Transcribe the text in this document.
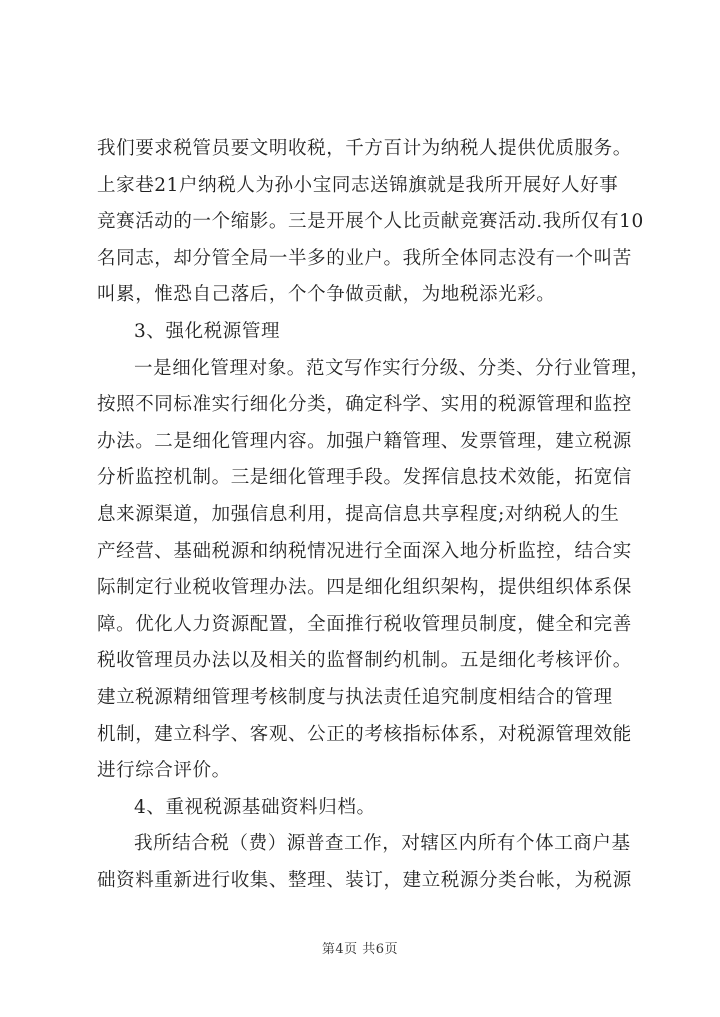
我们要求税管员要文明收税，千方百计为纳税人提供优质服务。
上家巷21户纳税人为孙小宝同志送锦旗就是我所开展好人好事
竞赛活动的一个缩影。三是开展个人比贡献竞赛活动.我所仅有10
名同志，却分管全局一半多的业户。我所全体同志没有一个叫苦
叫累，惟恐自己落后，个个争做贡献，为地税添光彩。
3、强化税源管理
一是细化管理对象。范文写作实行分级、分类、分行业管理，
按照不同标准实行细化分类，确定科学、实用的税源管理和监控
办法。二是细化管理内容。加强户籍管理、发票管理，建立税源
分析监控机制。三是细化管理手段。发挥信息技术效能，拓宽信
息来源渠道，加强信息利用，提高信息共享程度;对纳税人的生
产经营、基础税源和纳税情况进行全面深入地分析监控，结合实
际制定行业税收管理办法。四是细化组织架构，提供组织体系保
障。优化人力资源配置，全面推行税收管理员制度，健全和完善
税收管理员办法以及相关的监督制约机制。五是细化考核评价。
建立税源精细管理考核制度与执法责任追究制度相结合的管理
机制，建立科学、客观、公正的考核指标体系，对税源管理效能
进行综合评价。
4、重视税源基础资料归档。
我所结合税（费）源普查工作，对辖区内所有个体工商户基
础资料重新进行收集、整理、装订，建立税源分类台帐，为税源
第4页 共6页
